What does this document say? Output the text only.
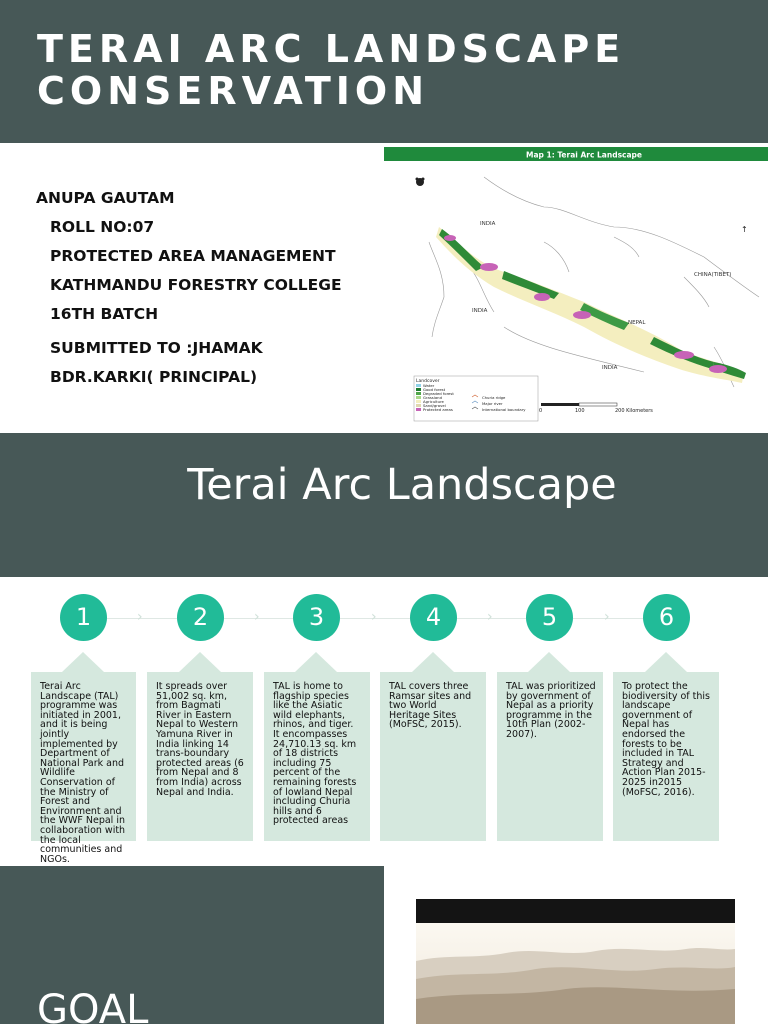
TERAI ARC LANDSCAPE
CONSERVATION
ANUPA GAUTAM
ROLL NO:07
PROTECTED AREA MANAGEMENT
KATHMANDU FORESTRY COLLEGE
16TH BATCH
SUBMITTED TO :JHAMAK
BDR.KARKI( PRINCIPAL)
Map 1: Terai Arc Landscape
INDIA
INDIA
INDIA
CHINA(TIBET)
NEPAL
Landcover
Water
Good forest
Degraded forest
Grassland
Agriculture
Sand/gravel
Protected areas
Churia ridge
Major river
International boundary	0	100	200 Kilometers
↑
Terai Arc Landscape
›	›	›	›	›
1	2	3	4	5	6
Terai Arc Landscape (TAL) programme was initiated in 2001, and it is being jointly implemented by Department of National Park and Wildlife Conservation of the Ministry of Forest and Environment and the WWF Nepal in collaboration with the local communities and NGOs.
It spreads over 51,002 sq. km, from Bagmati River in Eastern Nepal to Western Yamuna River in India linking 14 trans-boundary protected areas (6 from Nepal and 8 from India) across Nepal and India.
TAL is home to flagship species like the Asiatic wild elephants, rhinos, and tiger.
It encompasses 24,710.13 sq. km of 18 districts including 75 percent of the remaining forests of lowland Nepal including Churia hills and 6 protected areas
TAL covers three Ramsar sites and two World Heritage Sites (MoFSC, 2015).
TAL was prioritized by government of Nepal as a priority programme in the 10th Plan (2002-2007).
To protect the biodiversity of this landscape government of Nepal has endorsed the forests to be included in TAL Strategy and Action Plan 2015-2025 in2015 (MoFSC, 2016).
GOAL
